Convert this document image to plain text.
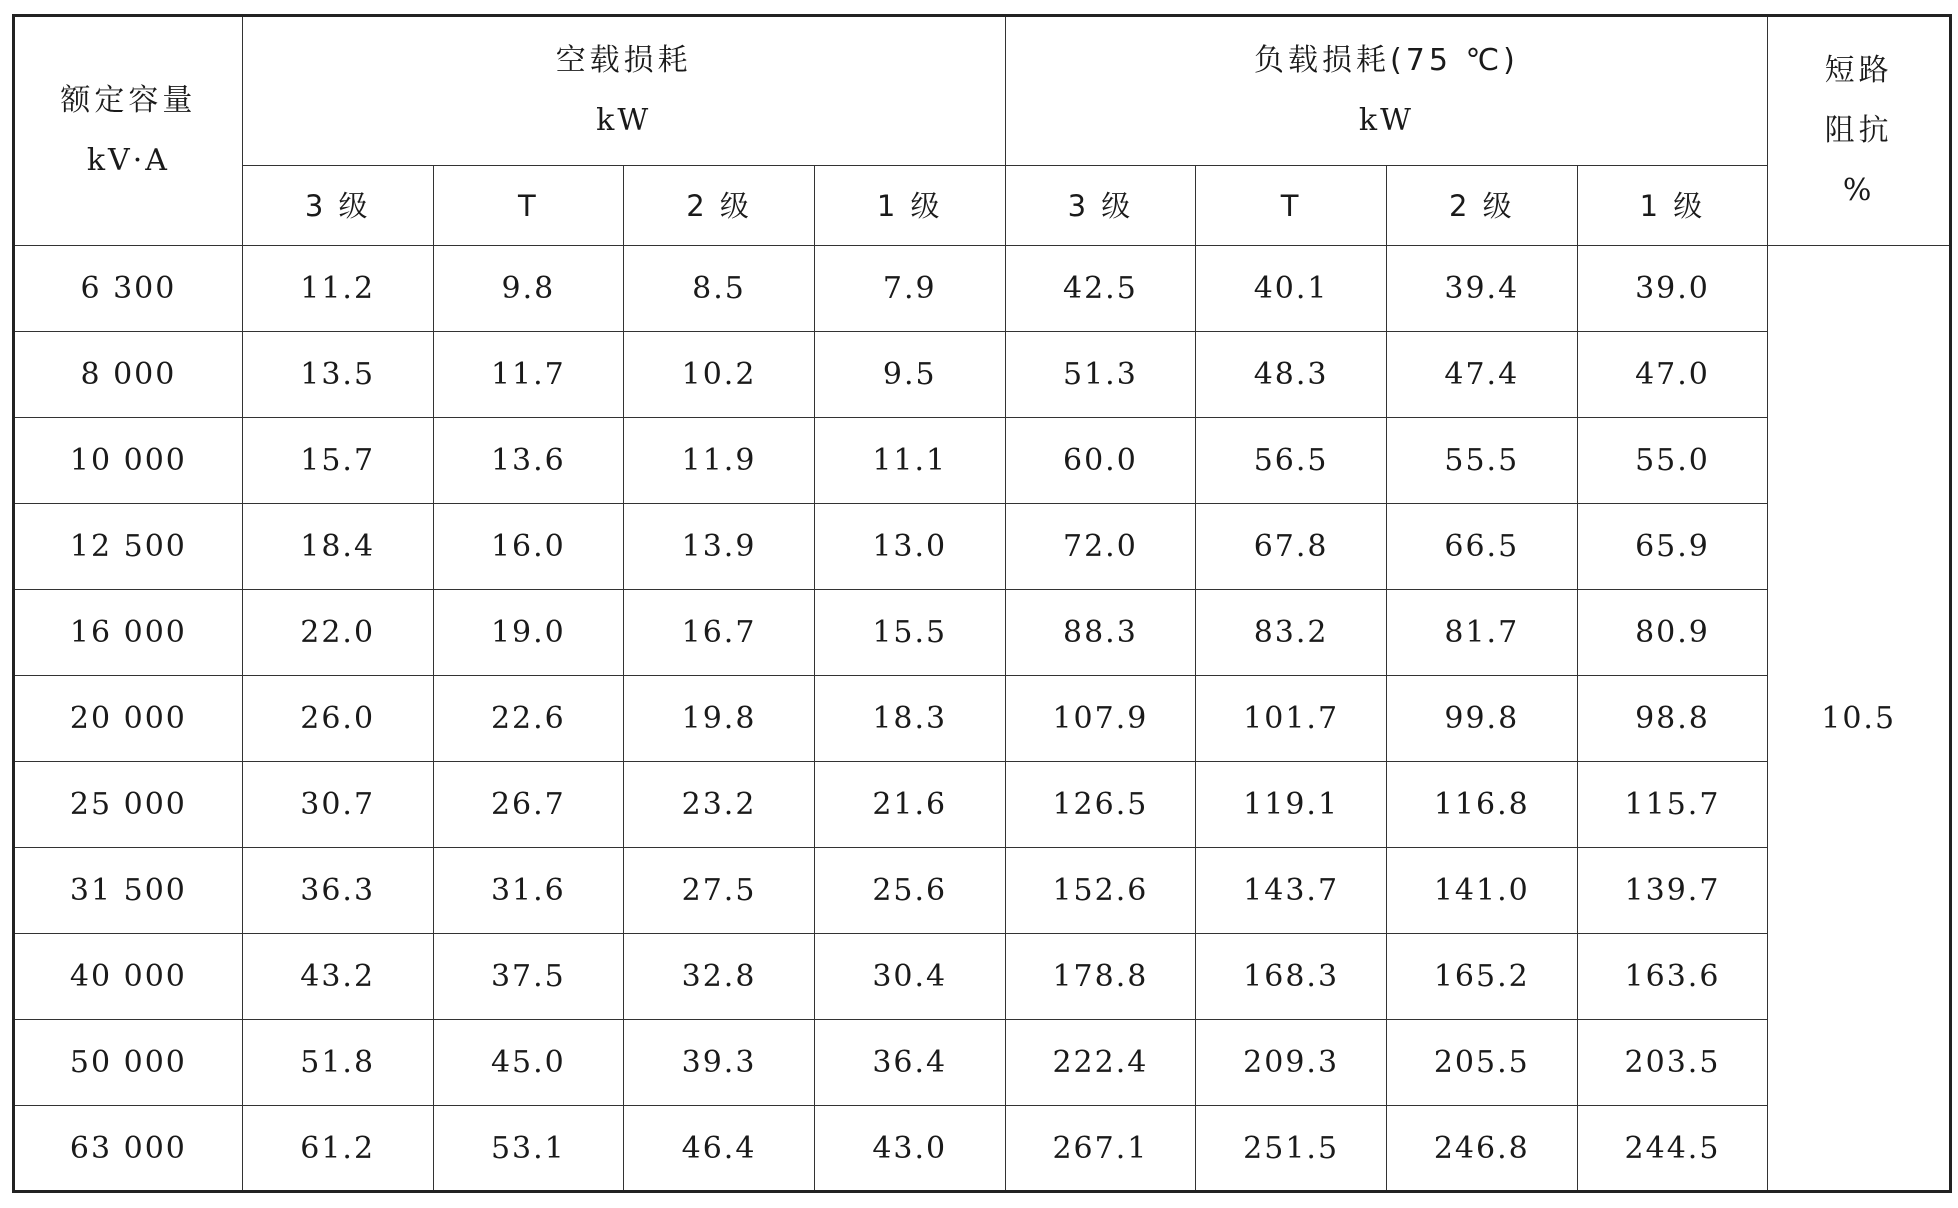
额定容量
kV·A	空载损耗
kW				负载损耗(75 ℃)
kW				短路
阻抗
%

	3 级	T	2 级	1 级	3 级	T	2 级	1 级	
6 300	11.2	9.8	8.5	7.9	42.5	40.1	39.4	39.0	10.5
8 000	13.5	11.7	10.2	9.5	51.3	48.3	47.4	47.0	
10 000	15.7	13.6	11.9	11.1	60.0	56.5	55.5	55.0	
12 500	18.4	16.0	13.9	13.0	72.0	67.8	66.5	65.9	
16 000	22.0	19.0	16.7	15.5	88.3	83.2	81.7	80.9	
20 000	26.0	22.6	19.8	18.3	107.9	101.7	99.8	98.8	
25 000	30.7	26.7	23.2	21.6	126.5	119.1	116.8	115.7	
31 500	36.3	31.6	27.5	25.6	152.6	143.7	141.0	139.7	
40 000	43.2	37.5	32.8	30.4	178.8	168.3	165.2	163.6	
50 000	51.8	45.0	39.3	36.4	222.4	209.3	205.5	203.5	
63 000	61.2	53.1	46.4	43.0	267.1	251.5	246.8	244.5	
